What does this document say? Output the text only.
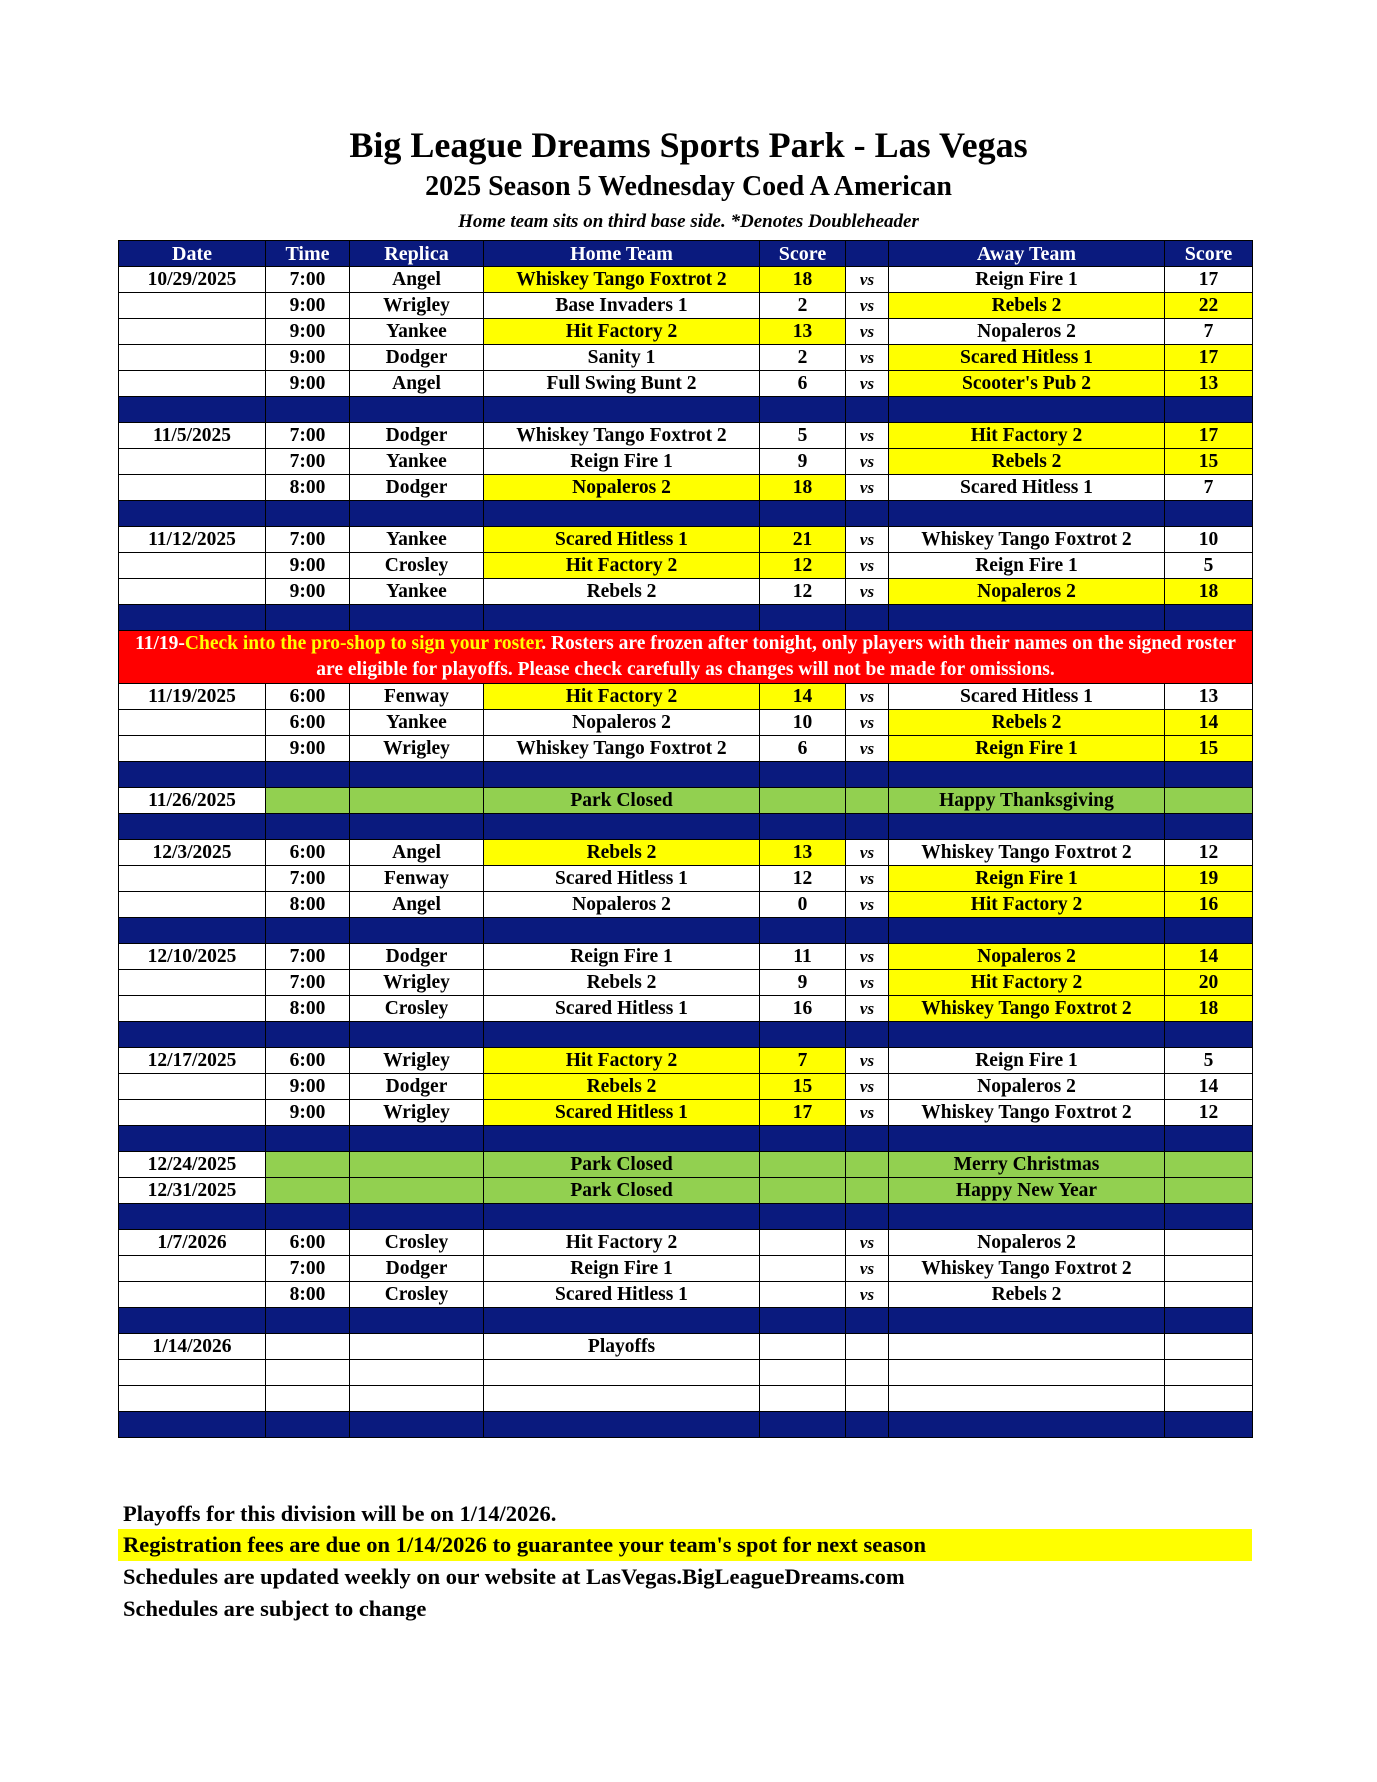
Big League Dreams Sports Park - Las Vegas
2025 Season 5 Wednesday Coed A American
Home team sits on third base side. *Denotes Doubleheader
Date	Time	Replica	Home Team	Score		Away Team	Score
10/29/2025	7:00	Angel	Whiskey Tango Foxtrot 2	18	vs	Reign Fire 1	17
	9:00	Wrigley	Base Invaders 1	2	vs	Rebels 2	22
	9:00	Yankee	Hit Factory 2	13	vs	Nopaleros 2	7
	9:00	Dodger	Sanity 1	2	vs	Scared Hitless 1	17
	9:00	Angel	Full Swing Bunt 2	6	vs	Scooter's Pub 2	13

11/5/2025	7:00	Dodger	Whiskey Tango Foxtrot 2	5	vs	Hit Factory 2	17
	7:00	Yankee	Reign Fire 1	9	vs	Rebels 2	15
	8:00	Dodger	Nopaleros 2	18	vs	Scared Hitless 1	7

11/12/2025	7:00	Yankee	Scared Hitless 1	21	vs	Whiskey Tango Foxtrot 2	10
	9:00	Crosley	Hit Factory 2	12	vs	Reign Fire 1	5
	9:00	Yankee	Rebels 2	12	vs	Nopaleros 2	18

11/19-Check into the pro-shop to sign your roster. Rosters are frozen after tonight, only players with their names on the signed roster are eligible for playoffs. Please check carefully as changes will not be made for omissions.							
11/19/2025	6:00	Fenway	Hit Factory 2	14	vs	Scared Hitless 1	13
	6:00	Yankee	Nopaleros 2	10	vs	Rebels 2	14
	9:00	Wrigley	Whiskey Tango Foxtrot 2	6	vs	Reign Fire 1	15

11/26/2025			Park Closed			Happy Thanksgiving	

12/3/2025	6:00	Angel	Rebels 2	13	vs	Whiskey Tango Foxtrot 2	12
	7:00	Fenway	Scared Hitless 1	12	vs	Reign Fire 1	19
	8:00	Angel	Nopaleros 2	0	vs	Hit Factory 2	16

12/10/2025	7:00	Dodger	Reign Fire 1	11	vs	Nopaleros 2	14
	7:00	Wrigley	Rebels 2	9	vs	Hit Factory 2	20
	8:00	Crosley	Scared Hitless 1	16	vs	Whiskey Tango Foxtrot 2	18

12/17/2025	6:00	Wrigley	Hit Factory 2	7	vs	Reign Fire 1	5
	9:00	Dodger	Rebels 2	15	vs	Nopaleros 2	14
	9:00	Wrigley	Scared Hitless 1	17	vs	Whiskey Tango Foxtrot 2	12

12/24/2025			Park Closed			Merry Christmas	
12/31/2025			Park Closed			Happy New Year	

1/7/2026	6:00	Crosley	Hit Factory 2		vs	Nopaleros 2	
	7:00	Dodger	Reign Fire 1		vs	Whiskey Tango Foxtrot 2	
	8:00	Crosley	Scared Hitless 1		vs	Rebels 2	

1/14/2026			Playoffs				

Playoffs for this division will be on 1/14/2026.
Registration fees are due on 1/14/2026 to guarantee your team's spot for next season
Schedules are updated weekly on our website at LasVegas.BigLeagueDreams.com
Schedules are subject to change
